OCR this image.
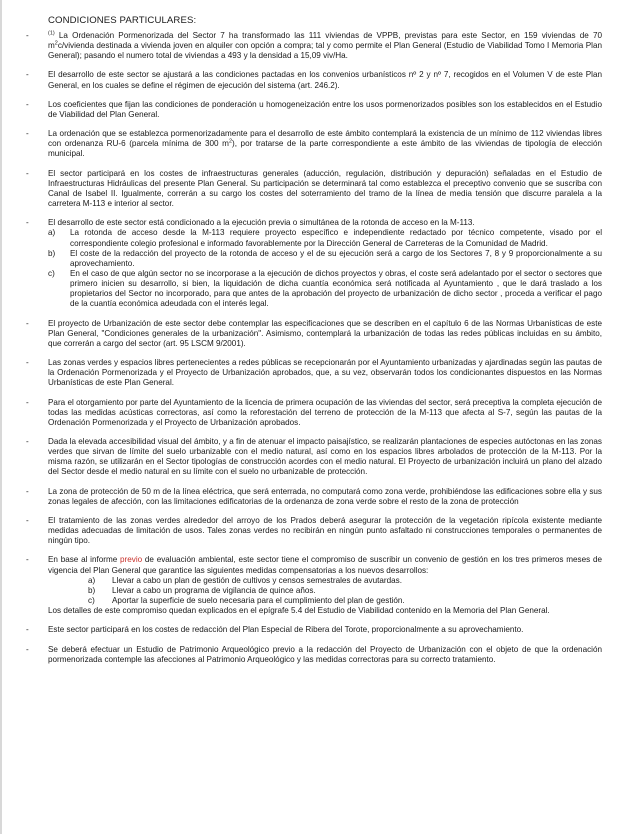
CONDICIONES PARTICULARES:
-	$^{(1)}$ La Ordenación Pormenorizada del Sector 7 ha transformado las 111 viviendas de VPPB, previstas para este Sector, en 159 viviendas de 70 $m^2c$/vivienda destinada a vivienda joven en alquiler con opción a compra; tal y como permite el Plan General (Estudio de Viabilidad Tomo I Memoria Plan General); pasando el numero total de viviendas a 493 y la densidad a 15,09 viv/Ha.
-	El desarrollo de este sector se ajustará a las condiciones pactadas en los convenios urbanísticos nº 2 y nº 7, recogidos en el Volumen V de este Plan General, en los cuales se define el régimen de ejecución del sistema (art. 246.2).
-	Los coeficientes que fijan las condiciones de ponderación u homogeneización entre los usos pormenorizados posibles son los establecidos en el Estudio de Viabilidad del Plan General.
-	La ordenación que se establezca pormenorizadamente para el desarrollo de este ámbito contemplará la existencia de un mínimo de 112 viviendas libres con ordenanza RU-6 (parcela mínima de 300 $m^2$), por tratarse de la parte correspondiente a este ámbito de las viviendas de tipología de elección municipal.
-	El sector participará en los costes de infraestructuras generales (aducción, regulación, distribución y depuración) señaladas en el Estudio de Infraestructuras Hidráulicas del presente Plan General. Su participación se determinará tal como establezca el preceptivo convenio que se suscriba con Canal de Isabel II. Igualmente, correrán a su cargo los costes del soterramiento del tramo de la línea de media tensión que discurre paralela a la carretera M-113 e interior al sector.
-	El desarrollo de este sector está condicionado a la ejecución previa o simultánea de la rotonda de acceso en la M-113.
a) La rotonda de acceso desde la M-113 requiere proyecto específico e independiente redactado por técnico competente, visado por el correspondiente colegio profesional e informado favorablemente por la Dirección General de Carreteras de la Comunidad de Madrid.
b) El coste de la redacción del proyecto de la rotonda de acceso y el de su ejecución será a cargo de los Sectores 7, 8 y 9 proporcionalmente a su aprovechamiento.
c) En el caso de que algún sector no se incorporase a la ejecución de dichos proyectos y obras, el coste será adelantado por el sector o sectores que primero inicien su desarrollo, si bien, la liquidación de dicha cuantía económica será notificada al Ayuntamiento , que le dará traslado a los propietarios del Sector no incorporado, para que antes de la aprobación del proyecto de urbanización de dicho sector , proceda a verificar el pago de la cuantía económica adeudada con el interés legal.
-	El proyecto de Urbanización de este sector debe contemplar las especificaciones que se describen en el capítulo 6 de las Normas Urbanísticas de este Plan General, "Condiciones generales de la urbanización". Asimismo, contemplará la urbanización de todas las redes públicas incluidas en su ámbito, que correrán a cargo del sector (art. 95 LSCM 9/2001).
-	Las zonas verdes y espacios libres pertenecientes a redes públicas se recepcionarán por el Ayuntamiento urbanizadas y ajardinadas según las pautas de la Ordenación Pormenorizada y el Proyecto de Urbanización aprobados, que, a su vez, observarán todos los condicionantes dispuestos en las Normas Urbanísticas de este Plan General.
-	Para el otorgamiento por parte del Ayuntamiento de la licencia de primera ocupación de las viviendas del sector, será preceptiva la completa ejecución de todas las medidas acústicas correctoras, así como la reforestación del terreno de protección de la M-113 que afecta al S-7, según las pautas de la Ordenación Pormenorizada y el Proyecto de Urbanización aprobados.
-	Dada la elevada accesibilidad visual del ámbito, y a fin de atenuar el impacto paisajístico, se realizarán plantaciones de especies autóctonas en las zonas verdes que sirvan de límite del suelo urbanizable con el medio natural, así como en los espacios libres arbolados de protección de la M-113. Por la misma razón, se utilizarán en el Sector tipologías de construcción acordes con el medio natural. El Proyecto de urbanización incluirá un plano del alzado del Sector desde el medio natural en su límite con el suelo no urbanizable de protección.
-	La zona de protección de 50 m de la línea eléctrica, que será enterrada, no computará como zona verde, prohibiéndose las edificaciones sobre ella y sus zonas legales de afección, con las limitaciones edificatorias de la ordenanza de zona verde sobre el resto de la zona de protección
-	El tratamiento de las zonas verdes alrededor del arroyo de los Prados deberá asegurar la protección de la vegetación ripícola existente mediante medidas adecuadas de limitación de usos. Tales zonas verdes no recibirán en ningún punto asfaltado ni construcciones temporales o permanentes de ningún tipo.
-	En base al informe previo de evaluación ambiental, este sector tiene el compromiso de suscribir un convenio de gestión en los tres primeros meses de vigencia del Plan General que garantice las siguientes medidas compensatorias a los nuevos desarrollos:
a) Llevar a cabo un plan de gestión de cultivos y censos semestrales de avutardas.
b) Llevar a cabo un programa de vigilancia de quince años.
c) Aportar la superficie de suelo necesaria para el cumplimiento del plan de gestión.
Los detalles de este compromiso quedan explicados en el epígrafe 5.4 del Estudio de Viabilidad contenido en la Memoria del Plan General.
-	Este sector participará en los costes de redacción del Plan Especial de Ribera del Torote, proporcionalmente a su aprovechamiento.
-	Se deberá efectuar un Estudio de Patrimonio Arqueológico previo a la redacción del Proyecto de Urbanización con el objeto de que la ordenación pormenorizada contemple las afecciones al Patrimonio Arqueológico y las medidas correctoras para su correcto tratamiento.
